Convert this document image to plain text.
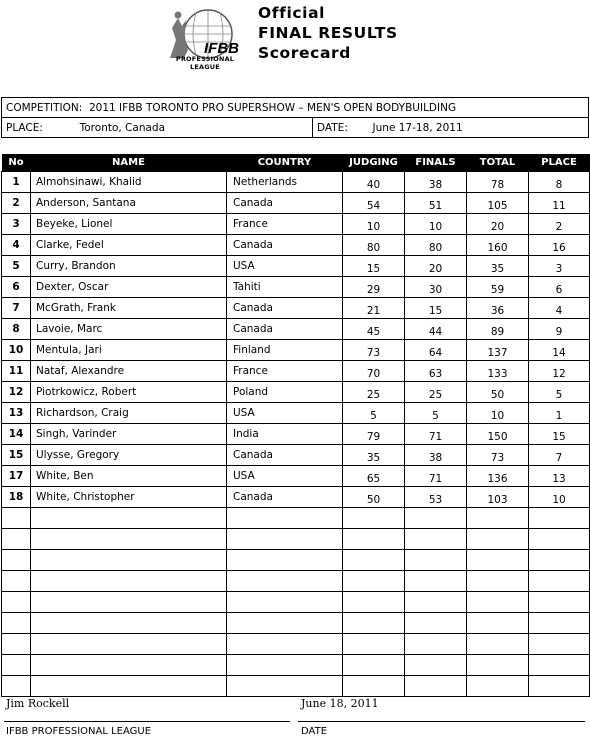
IFBB
PROFESSIONAL LEAGUE
Official
FINAL RESULTS
Scorecard
COMPETITION: 2011 IFBB TORONTO PRO SUPERSHOW – MEN'S OPEN BODYBUILDING
PLACE:	Toronto, Canada	DATE: June 17-18, 2011
No	NAME	COUNTRY	JUDGING	FINALS	TOTAL	PLACE
1	Almohsinawi, Khalid	Netherlands	40	38	78	8
2	Anderson, Santana	Canada	54	51	105	11
3	Beyeke, Lionel	France	10	10	20	2
4	Clarke, Fedel	Canada	80	80	160	16
5	Curry, Brandon	USA	15	20	35	3
6	Dexter, Oscar	Tahiti	29	30	59	6
7	McGrath, Frank	Canada	21	15	36	4
8	Lavoie, Marc	Canada	45	44	89	9
10	Mentula, Jari	Finland	73	64	137	14
11	Nataf, Alexandre	France	70	63	133	12
12	Piotrkowicz, Robert	Poland	25	25	50	5
13	Richardson, Craig	USA	5	5	10	1
14	Singh, Varinder	India	79	71	150	15
15	Ulysse, Gregory	Canada	35	38	73	7
17	White, Ben	USA	65	71	136	13
18	White, Christopher	Canada	50	53	103	10

Jim Rockell
IFBB PROFESSIONAL LEAGUE
June 18, 2011
DATE
